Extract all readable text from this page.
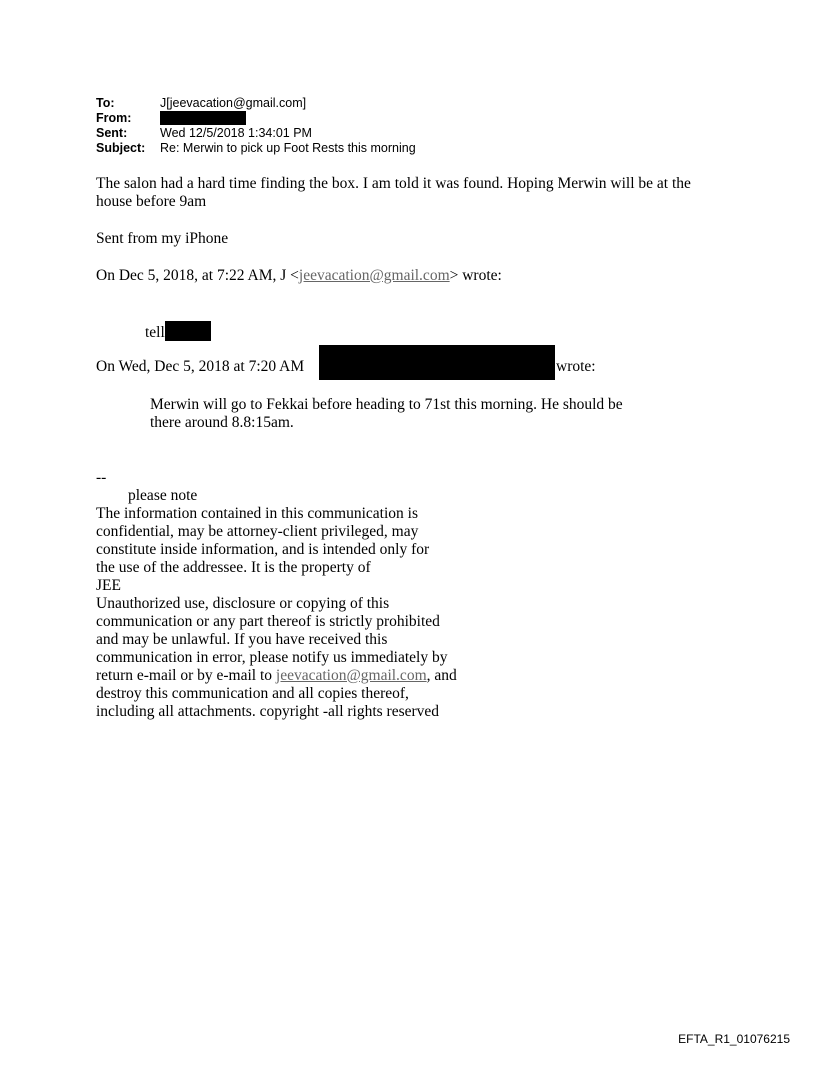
To:	J[jeevacation@gmail.com]
From:
Sent:	Wed 12/5/2018 1:34:01 PM
Subject: Re: Merwin to pick up Foot Rests this morning
The salon had a hard time finding the box. I am told it was found. Hoping Merwin will be at the
house before 9am
Sent from my iPhone
On Dec 5, 2018, at 7:22 AM, J <jeevacation@gmail.com> wrote:
tell
On Wed, Dec 5, 2018 at 7:20 AM	wrote:
Merwin will go to Fekkai before heading to 71st this morning. He should be
there around 8.8:15am.
--
please note
The information contained in this communication is
confidential, may be attorney-client privileged, may
constitute inside information, and is intended only for
the use of the addressee. It is the property of
JEE
Unauthorized use, disclosure or copying of this
communication or any part thereof is strictly prohibited
and may be unlawful. If you have received this
communication in error, please notify us immediately by
return e-mail or by e-mail to jeevacation@gmail.com, and
destroy this communication and all copies thereof,
including all attachments. copyright -all rights reserved
EFTA_R1_01076215
